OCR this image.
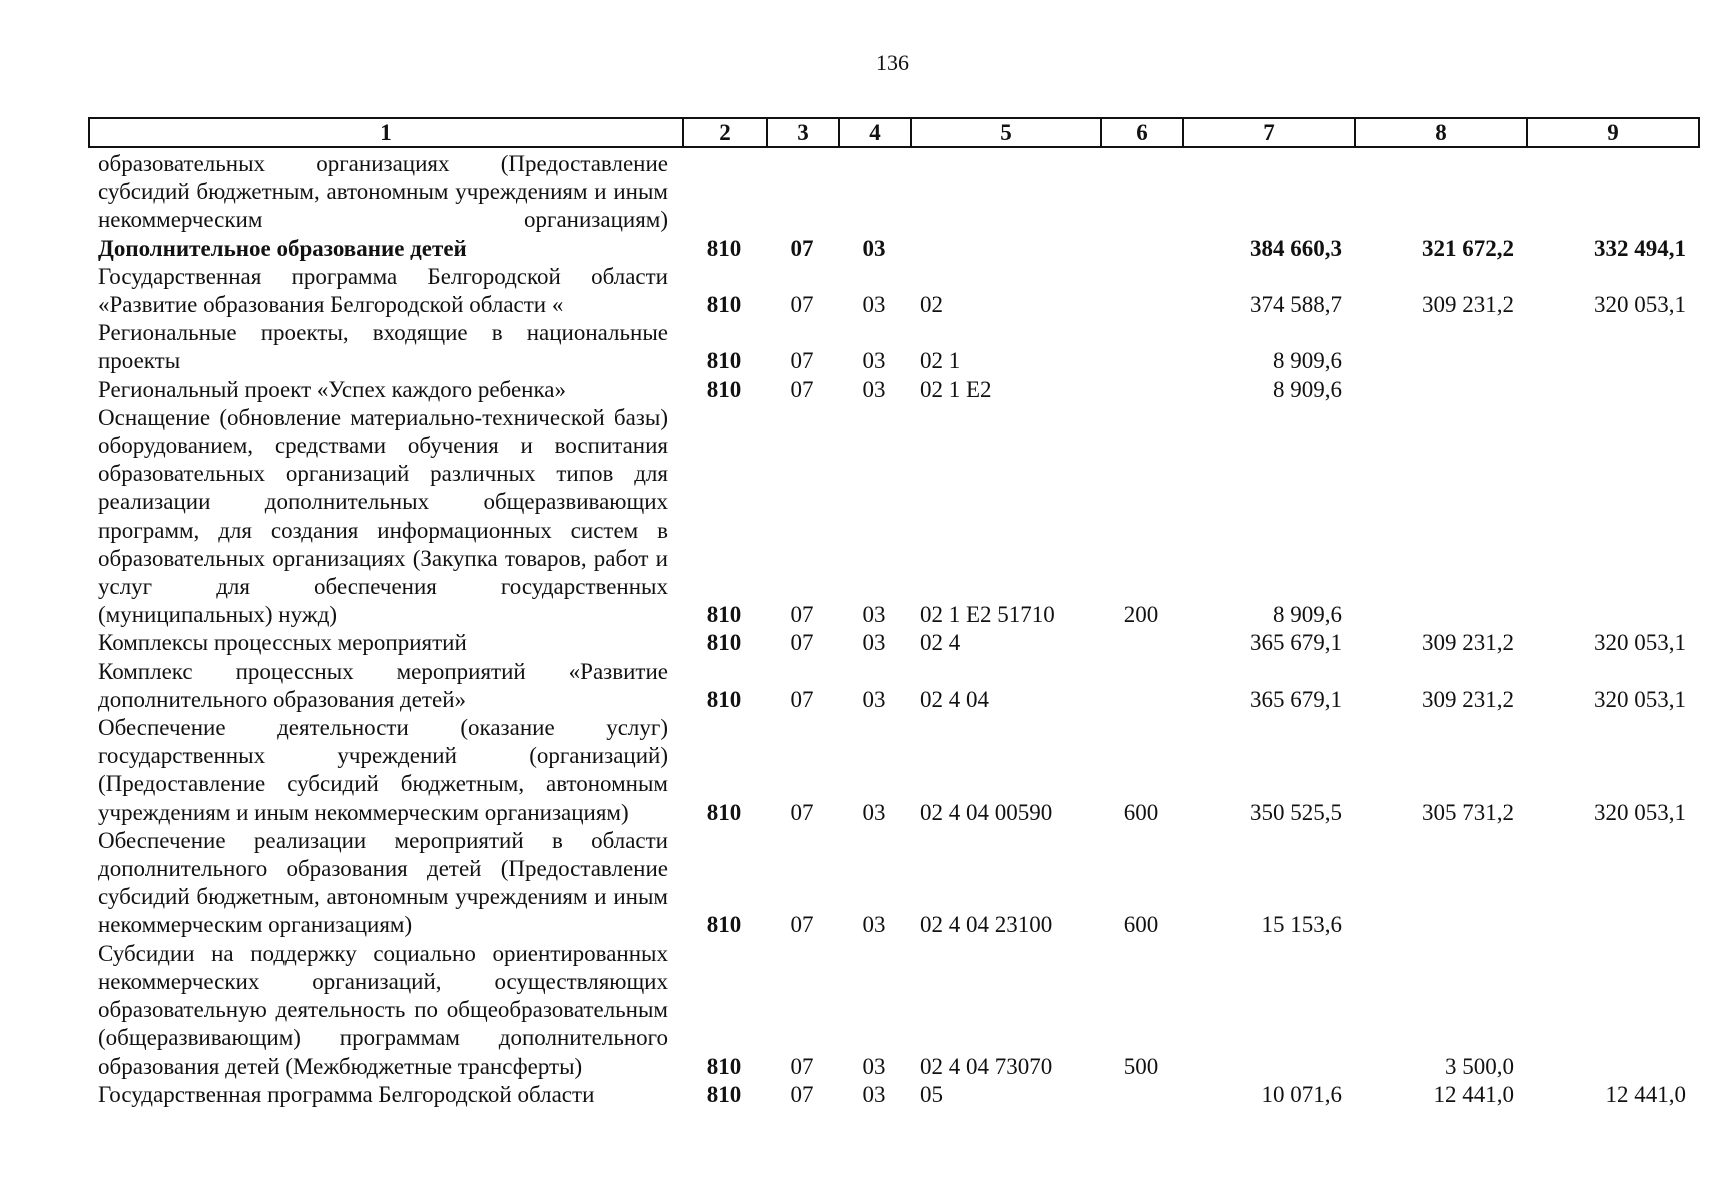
136
1	2	3	4	5	6	7	8	9
образовательных организациях (Предоставление субсидий бюджетным, автономным учреждениям и иным некоммерческим организациям)								
Дополнительное образование детей	810	07	03			384 660,3	321 672,2	332 494,1
Государственная программа Белгородской области «Развитие образования Белгородской области «	810	07	03	02		374 588,7	309 231,2	320 053,1
Региональные проекты, входящие в национальные проекты	810	07	03	02 1		8 909,6		
Региональный проект «Успех каждого ребенка»	810	07	03	02 1 E2		8 909,6		
Оснащение (обновление материально-технической базы) оборудованием, средствами обучения и воспитания образовательных организаций различных типов для реализации дополнительных общеразвивающих программ, для создания информационных систем в образовательных организациях (Закупка товаров, работ и услуг для обеспечения государственных (муниципальных) нужд)	810	07	03	02 1 E2 51710	200	8 909,6		
Комплексы процессных мероприятий	810	07	03	02 4		365 679,1	309 231,2	320 053,1
Комплекс процессных мероприятий «Развитие дополнительного образования детей»	810	07	03	02 4 04		365 679,1	309 231,2	320 053,1
Обеспечение деятельности (оказание услуг) государственных учреждений (организаций) (Предоставление субсидий бюджетным, автономным учреждениям и иным некоммерческим организациям)	810	07	03	02 4 04 00590	600	350 525,5	305 731,2	320 053,1
Обеспечение реализации мероприятий в области дополнительного образования детей (Предоставление субсидий бюджетным, автономным учреждениям и иным некоммерческим организациям)	810	07	03	02 4 04 23100	600	15 153,6		
Субсидии на поддержку социально ориентированных некоммерческих организаций, осуществляющих образовательную деятельность по общеобразовательным (общеразвивающим) программам дополнительного образования детей (Межбюджетные трансферты)	810	07	03	02 4 04 73070	500		3 500,0	
Государственная программа Белгородской области	810	07	03	05		10 071,6	12 441,0	12 441,0
